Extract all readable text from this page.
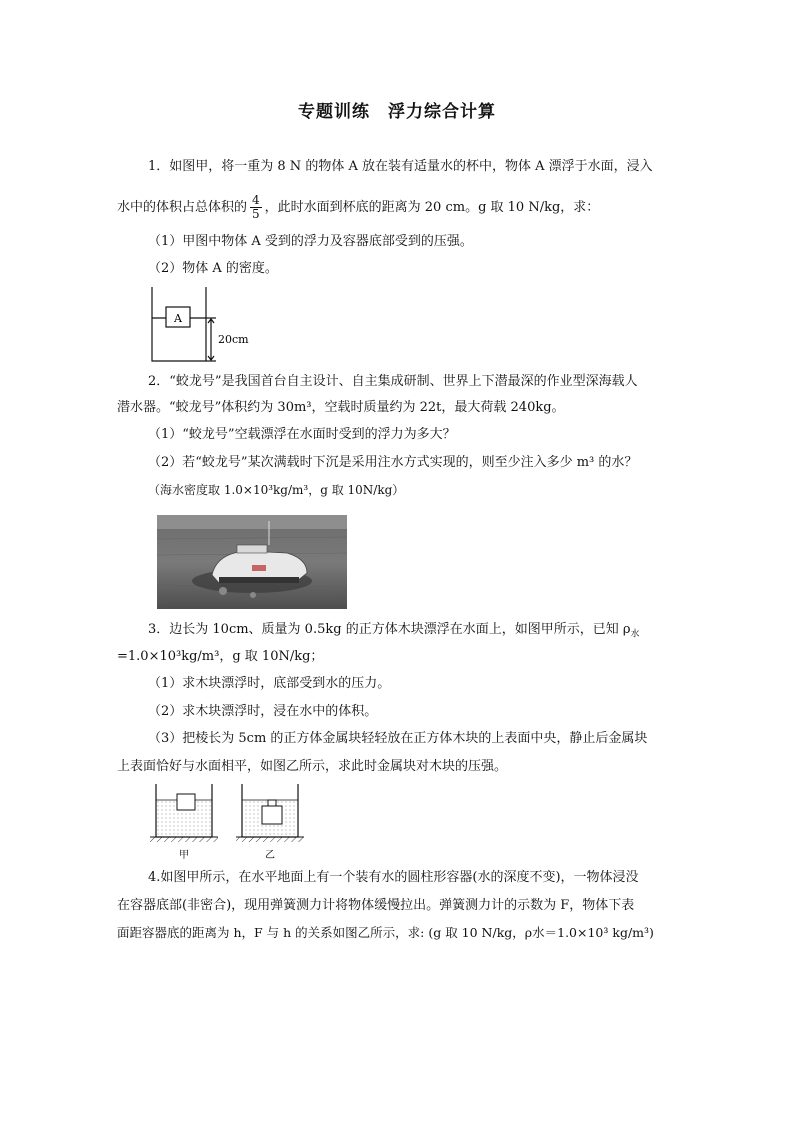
专题训练　浮力综合计算
1．如图甲，将一重为 8 N 的物体 A 放在装有适量水的杯中，物体 A 漂浮于水面，浸入
水中的体积占总体积的 $\frac{4}{5}$ ，此时水面到杯底的距离为 20 cm。g 取 10 N/kg，求：
（1）甲图中物体 A 受到的浮力及容器底部受到的压强。
（2）物体 A 的密度。
A
20cm
2．“蛟龙号”是我国首台自主设计、自主集成研制、世界上下潜最深的作业型深海载人
潜水器。“蛟龙号”体积约为 30m³，空载时质量约为 22t，最大荷载 240kg。
（1）“蛟龙号”空载漂浮在水面时受到的浮力为多大？
（2）若“蛟龙号”某次满载时下沉是采用注水方式实现的，则至少注入多少 m³ 的水？
（海水密度取 1.0×10³kg/m³，g 取 10N/kg）
3．边长为 10cm、质量为 0.5kg 的正方体木块漂浮在水面上，如图甲所示，已知 $\rho_水$
=1.0×10³kg/m³，g 取 10N/kg；
（1）求木块漂浮时，底部受到水的压力。
（2）求木块漂浮时，浸在水中的体积。
（3）把棱长为 5cm 的正方体金属块轻轻放在正方体木块的上表面中央，静止后金属块
上表面恰好与水面相平，如图乙所示，求此时金属块对木块的压强。
甲	乙
4.如图甲所示，在水平地面上有一个装有水的圆柱形容器(水的深度不变)，一物体浸没
在容器底部(非密合)，现用弹簧测力计将物体缓慢拉出。弹簧测力计的示数为 F，物体下表
面距容器底的距离为 h，F 与 h 的关系如图乙所示，求: (g 取 10 N/kg，ρ水＝1.0×10³ kg/m³)
